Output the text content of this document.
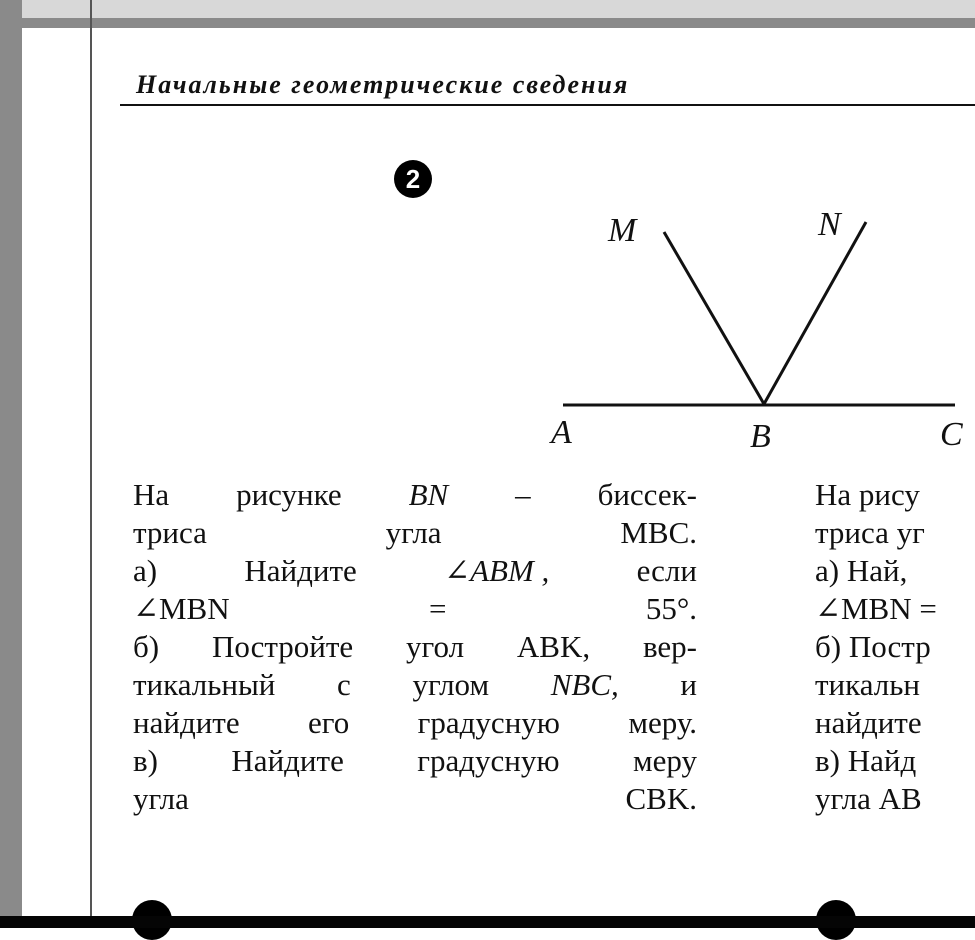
Начальные геометрические сведения
2
M	N
A	B	C
На рисунке BN – биссек-
триса угла MBC.
а)	Найдите	∠ABM ,	если
∠MBN = 55°.
б) Постройте угол ABK, вер-
тикальный с углом NBC, и
найдите его градусную меру.
в) Найдите градусную меру
угла CBK.
На рису
триса уг
а) Най,
∠MBN =
б) Постр
тикальн
найдите
в) Найд
угла AB
